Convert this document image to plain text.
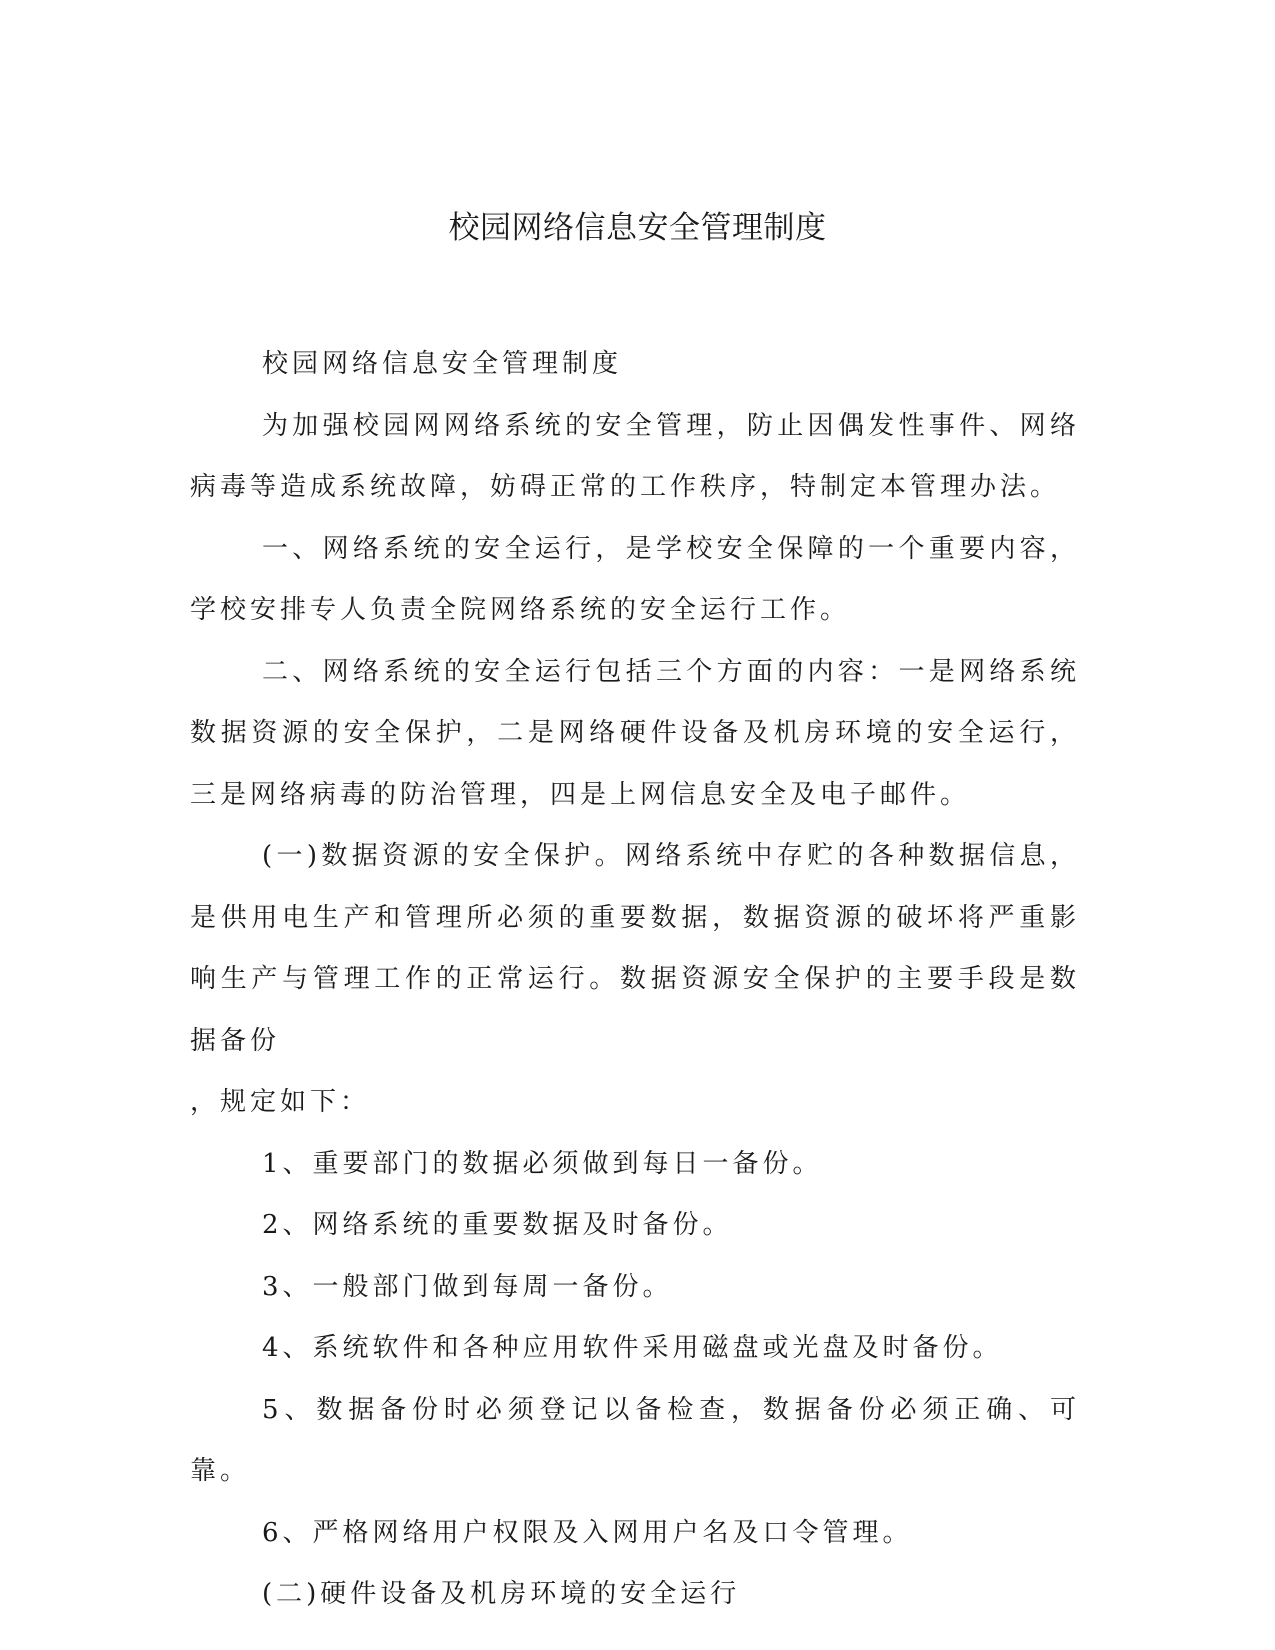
校园网络信息安全管理制度

校园网络信息安全管理制度

为加强校园网网络系统的安全管理，防止因偶发性事件、网络病毒等造成系统故障，妨碍正常的工作秩序，特制定本管理办法。

一、网络系统的安全运行，是学校安全保障的一个重要内容，学校安排专人负责全院网络系统的安全运行工作。

二、网络系统的安全运行包括三个方面的内容：一是网络系统数据资源的安全保护，二是网络硬件设备及机房环境的安全运行，三是网络病毒的防治管理，四是上网信息安全及电子邮件。

(一)数据资源的安全保护。网络系统中存贮的各种数据信息，是供用电生产和管理所必须的重要数据，数据资源的破坏将严重影响生产与管理工作的正常运行。数据资源安全保护的主要手段是数据备份

，规定如下：

1、重要部门的数据必须做到每日一备份。

2、网络系统的重要数据及时备份。

3、一般部门做到每周一备份。

4、系统软件和各种应用软件采用磁盘或光盘及时备份。

5、数据备份时必须登记以备检查，数据备份必须正确、可靠。

6、严格网络用户权限及入网用户名及口令管理。

(二)硬件设备及机房环境的安全运行
